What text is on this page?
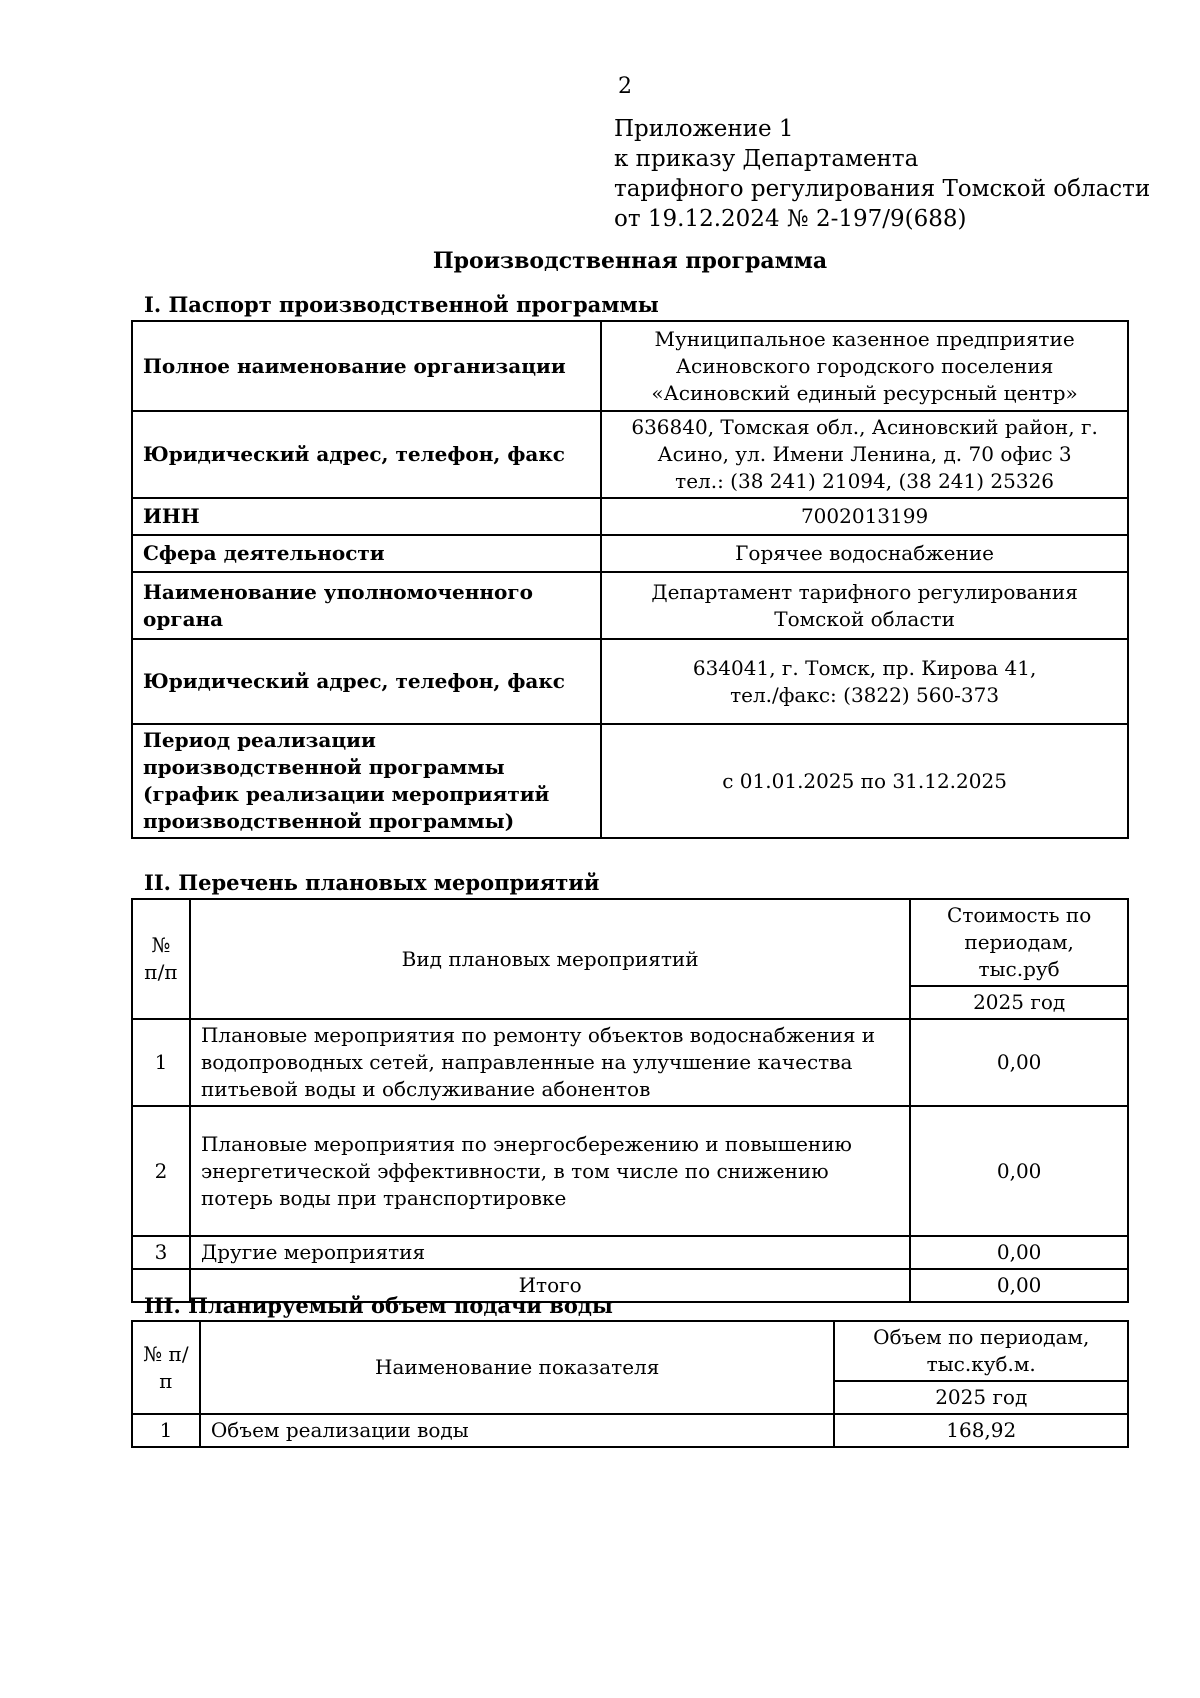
2
Приложение 1
к приказу Департамента
тарифного регулирования Томской области
от 19.12.2024 № 2-197/9(688)
Производственная программа
I. Паспорт производственной программы
Полное наименование организации	Муниципальное казенное предприятие
Асиновского городского поселения
«Асиновский единый ресурсный центр»

Юридический адрес, телефон, факс	636840, Томская обл., Асиновский район, г.
Асино, ул. Имени Ленина, д. 70 офис 3
тел.: (38 241) 21094, (38 241) 25326

ИНН	7002013199

Сфера деятельности	Горячее водоснабжение

Наименование уполномоченного органа	Департамент тарифного регулирования
Томской области

Юридический адрес, телефон, факс	634041, г. Томск, пр. Кирова 41,
тел./факс: (3822) 560-373

Период реализации производственной программы (график реализации мероприятий производственной программы)	с 01.01.2025 по 31.12.2025
II. Перечень плановых мероприятий
№ п/п	Вид плановых мероприятий	Стоимость по периодам, тыс.руб
		2025 год
1	Плановые мероприятия по ремонту объектов водоснабжения и водопроводных сетей, направленные на улучшение качества питьевой воды и обслуживание абонентов	0,00
2	Плановые мероприятия по энергосбережению и повышению энергетической эффективности, в том числе по снижению потерь воды при транспортировке	0,00
3	Другие мероприятия	0,00
	Итого	0,00
III. Планируемый объем подачи воды
№ п/п	Наименование показателя	Объем по периодам, тыс.куб.м.
		2025 год
1	Объем реализации воды	168,92
